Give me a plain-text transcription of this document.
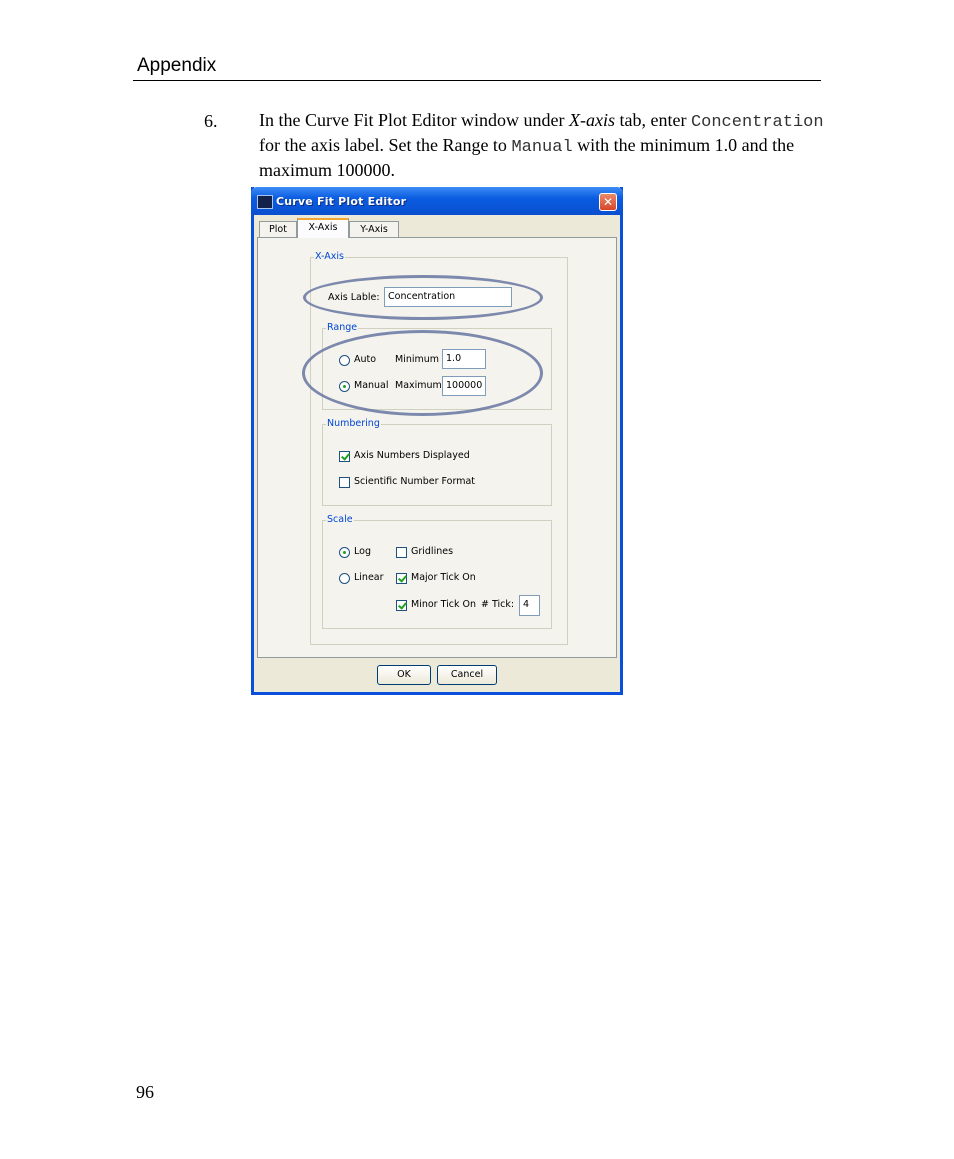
Appendix
6. In the Curve Fit Plot Editor window under X-axis tab, enter Concentration for the axis label. Set the Range to Manual with the minimum 1.0 and the maximum 100000.
Curve Fit Plot Editor	✕
Plot	X-Axis	Y-Axis
X-Axis
Axis Lable: Concentration
Range
Auto Minimum 1.0
Manual Maximum 100000
Numbering
Axis Numbers Displayed
Scientific Number Format
Scale
Log	Gridlines
Linear	Major Tick On
Minor Tick On # Tick: 4
OK	Cancel
96
